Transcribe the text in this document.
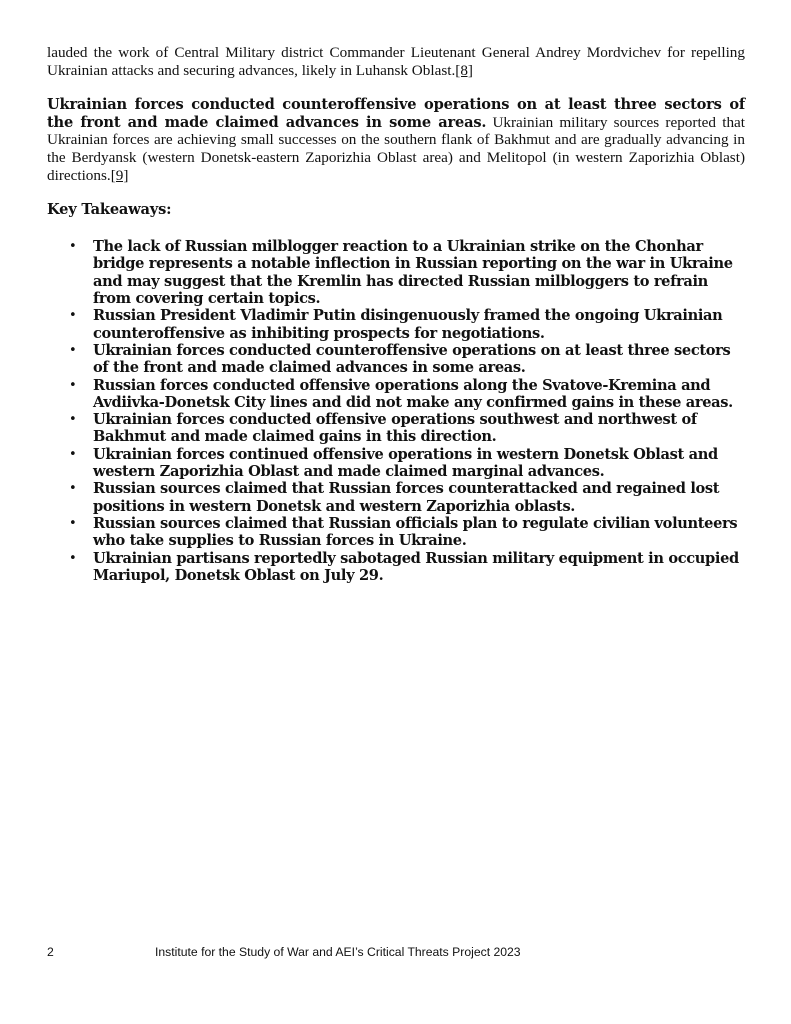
lauded the work of Central Military district Commander Lieutenant General Andrey Mordvichev for repelling Ukrainian attacks and securing advances, likely in Luhansk Oblast.[8]

Ukrainian forces conducted counteroffensive operations on at least three sectors of the front and made claimed advances in some areas. Ukrainian military sources reported that Ukrainian forces are achieving small successes on the southern flank of Bakhmut and are gradually advancing in the Berdyansk (western Donetsk-eastern Zaporizhia Oblast area) and Melitopol (in western Zaporizhia Oblast) directions.[9]

Key Takeaways:
• The lack of Russian milblogger reaction to a Ukrainian strike on the Chonhar bridge represents a notable inflection in Russian reporting on the war in Ukraine and may suggest that the Kremlin has directed Russian milbloggers to refrain from covering certain topics.
• Russian President Vladimir Putin disingenuously framed the ongoing Ukrainian counteroffensive as inhibiting prospects for negotiations.
• Ukrainian forces conducted counteroffensive operations on at least three sectors of the front and made claimed advances in some areas.
• Russian forces conducted offensive operations along the Svatove-Kremina and Avdiivka-Donetsk City lines and did not make any confirmed gains in these areas.
• Ukrainian forces conducted offensive operations southwest and northwest of Bakhmut and made claimed gains in this direction.
• Ukrainian forces continued offensive operations in western Donetsk Oblast and western Zaporizhia Oblast and made claimed marginal advances.
• Russian sources claimed that Russian forces counterattacked and regained lost positions in western Donetsk and western Zaporizhia oblasts.
• Russian sources claimed that Russian officials plan to regulate civilian volunteers who take supplies to Russian forces in Ukraine.
• Ukrainian partisans reportedly sabotaged Russian military equipment in occupied Mariupol, Donetsk Oblast on July 29.
2	Institute for the Study of War and AEI’s Critical Threats Project 2023
